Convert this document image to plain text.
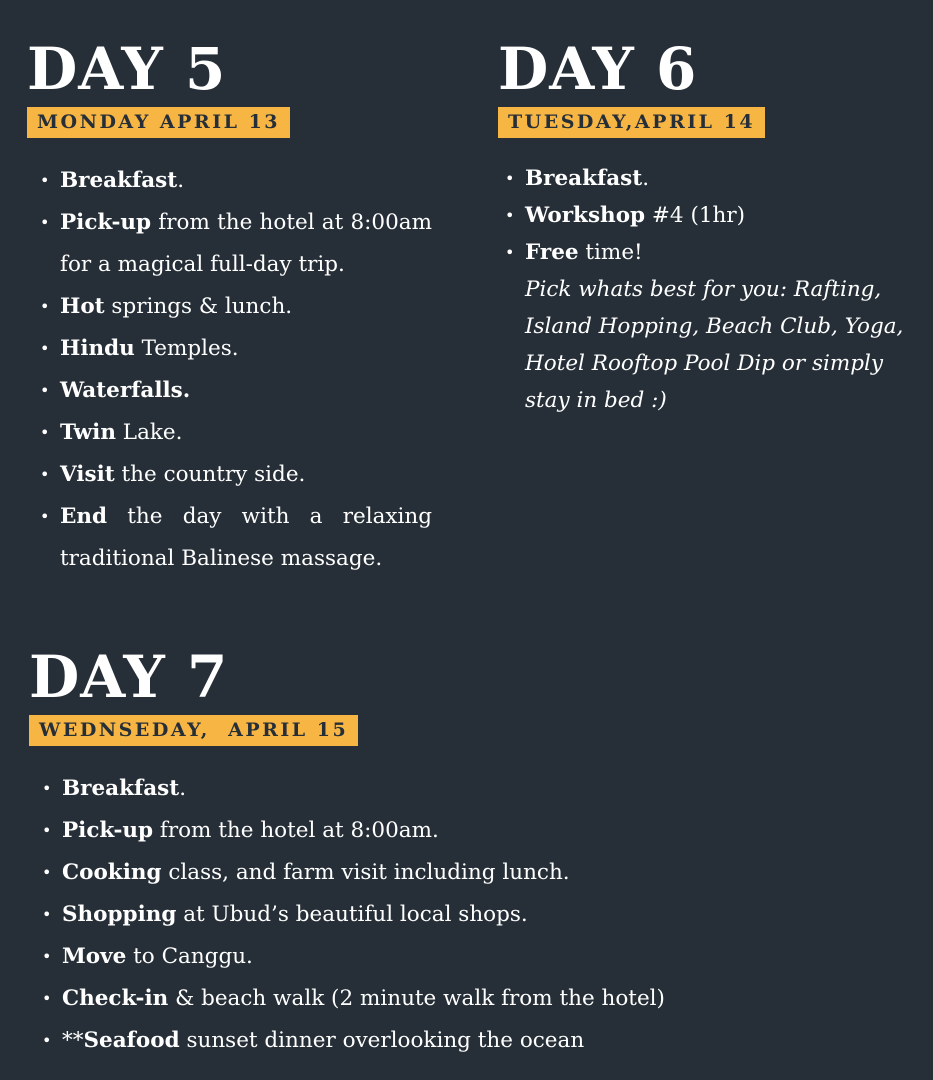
DAY 5
MONDAY APRIL 13
• Breakfast.
• Pick-up from the hotel at 8:00am for a magical full-day trip.
• Hot springs & lunch.
• Hindu Temples.
• Waterfalls.
• Twin Lake.
• Visit the country side.
• End the day with a relaxing traditional Balinese massage.
DAY 6
TUESDAY,APRIL 14
• Breakfast.
• Workshop #4 (1hr)
• Free time!
Pick whats best for you: Rafting, Island Hopping, Beach Club, Yoga, Hotel Rooftop Pool Dip or simply stay in bed :)
DAY 7
WEDNSEDAY,  APRIL 15
• Breakfast.
• Pick-up from the hotel at 8:00am.
• Cooking class, and farm visit including lunch.
• Shopping at Ubud’s beautiful local shops.
• Move to Canggu.
• Check-in & beach walk (2 minute walk from the hotel)
• **Seafood sunset dinner overlooking the ocean
